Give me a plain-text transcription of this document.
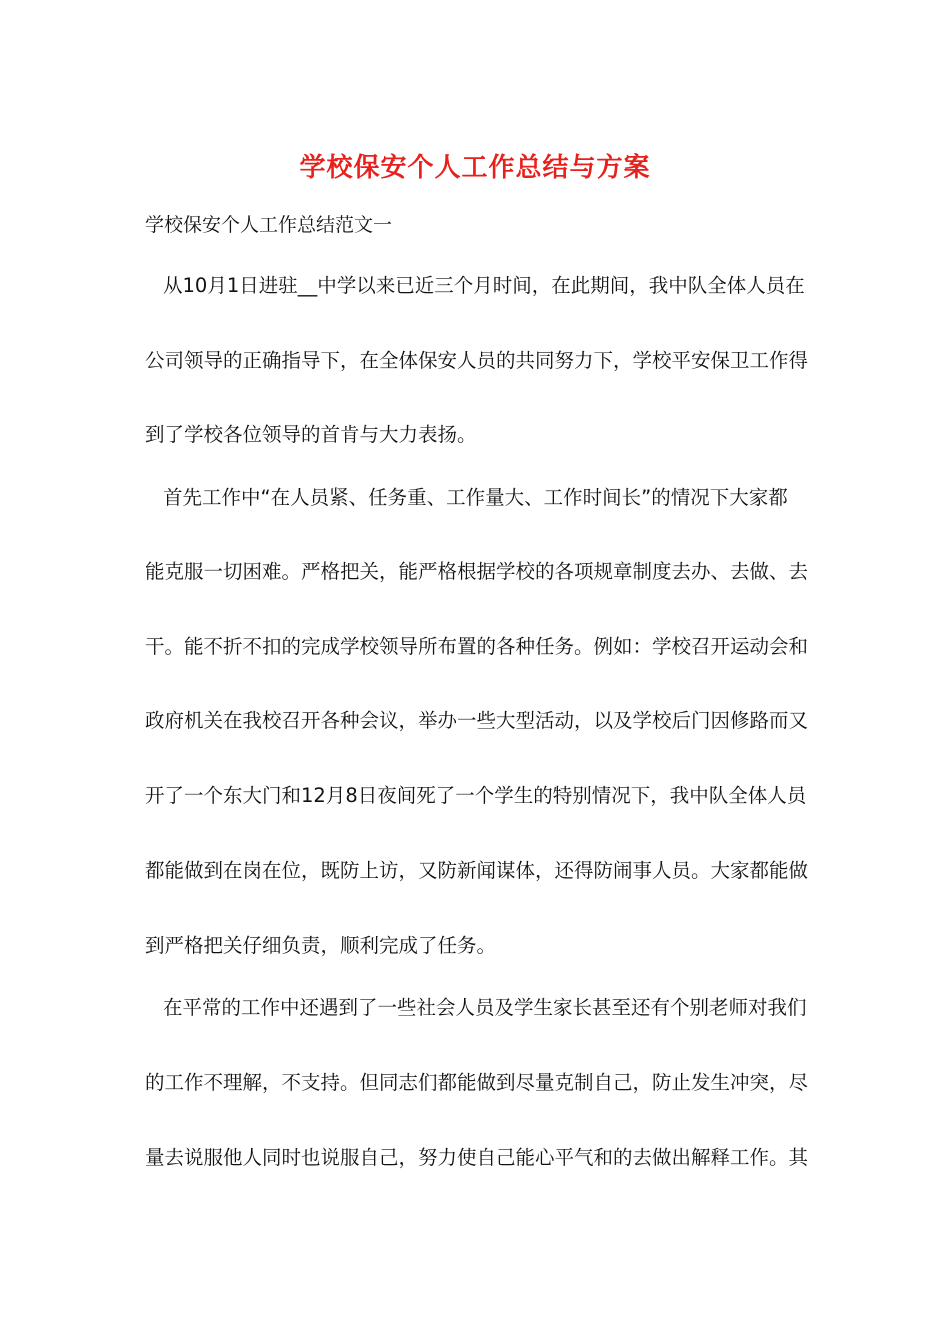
学校保安个人工作总结与方案
学校保安个人工作总结范文一
从10月1日进驻__中学以来已近三个月时间，在此期间，我中队全体人员在
公司领导的正确指导下，在全体保安人员的共同努力下，学校平安保卫工作得
到了学校各位领导的首肯与大力表扬。
首先工作中“在人员紧、任务重、工作量大、工作时间长”的情况下大家都
能克服一切困难。严格把关，能严格根据学校的各项规章制度去办、去做、去
干。能不折不扣的完成学校领导所布置的各种任务。例如：学校召开运动会和
政府机关在我校召开各种会议，举办一些大型活动，以及学校后门因修路而又
开了一个东大门和12月8日夜间死了一个学生的特别情况下，我中队全体人员
都能做到在岗在位，既防上访，又防新闻谋体，还得防闹事人员。大家都能做
到严格把关仔细负责，顺利完成了任务。
在平常的工作中还遇到了一些社会人员及学生家长甚至还有个别老师对我们
的工作不理解，不支持。但同志们都能做到尽量克制自己，防止发生冲突，尽
量去说服他人同时也说服自己，努力使自己能心平气和的去做出解释工作。其
